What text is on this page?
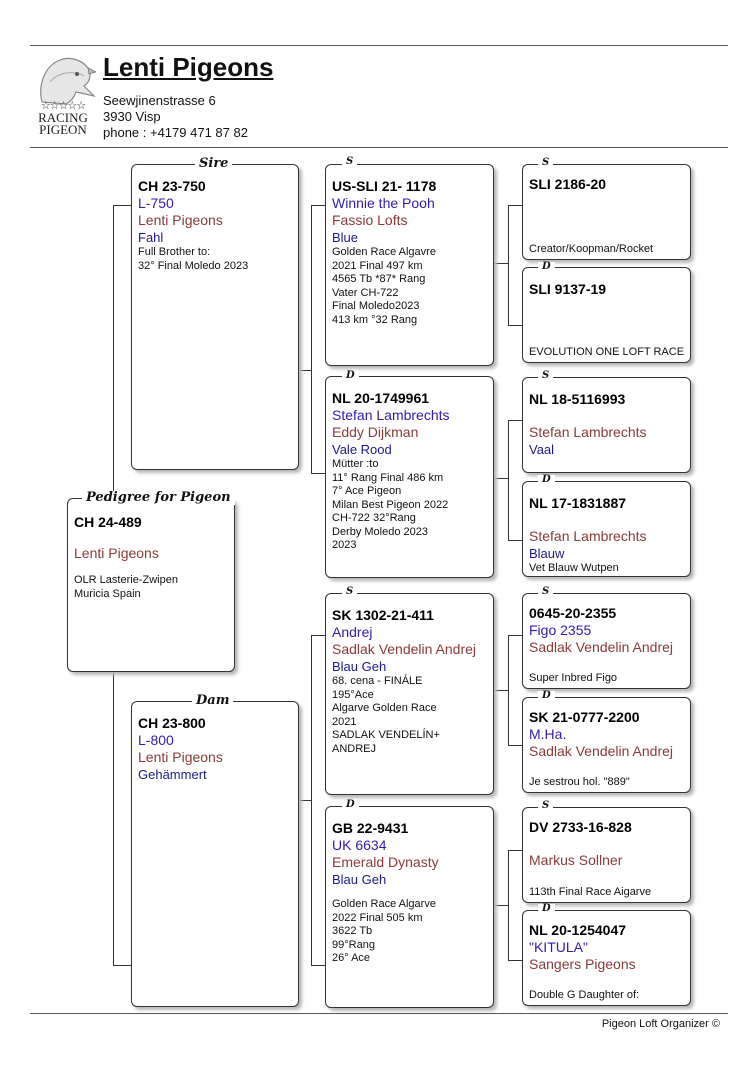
☆☆☆☆☆
RACING
PIGEON
Lenti Pigeons
Seewjinenstrasse 6
3930 Visp
phone : +4179 471 87 82
CH 24-489
Lenti Pigeons
OLR Lasterie-Zwipen
Muricia Spain
Pedigree for Pigeon
CH 23-750
L-750
Lenti Pigeons
Fahl
Full Brother to:
32° Final Moledo 2023
Sire
CH 23-800
L-800
Lenti Pigeons
Gehämmert
Dam
US-SLI 21- 1178
Winnie the Pooh
Fassio Lofts
Blue
Golden Race Algavre
2021 Final 497 km
4565 Tb *87* Rang
Vater CH-722
Final Moledo2023
413 km °32 Rang
S
NL 20-1749961
Stefan Lambrechts
Eddy Dijkman
Vale Rood
Mütter :to
11° Rang Final 486 km
7° Ace Pigeon
Milan Best Pigeon 2022
CH-722 32°Rang
Derby Moledo 2023
2023
D
SK 1302-21-411
Andrej
Sadlak Vendelin Andrej
Blau Geh
68. cena - FINÁLE
195°Ace
Algarve Golden Race
2021
SADLAK VENDELÍN+
ANDREJ
S
GB 22-9431
UK 6634
Emerald Dynasty
Blau Geh
Golden Race Algarve
2022 Final 505 km
3622 Tb
99°Rang
26° Ace
D
SLI 2186-20
Creator/Koopman/Rocket
S
SLI 9137-19
EVOLUTION ONE LOFT RACE
D
NL 18-5116993
Stefan Lambrechts
Vaal
S
NL 17-1831887
Stefan Lambrechts
Blauw
Vet Blauw Wutpen
D
0645-20-2355
Figo 2355
Sadlak Vendelin Andrej
Super Inbred Figo
S
SK 21-0777-2200
M.Ha.
Sadlak Vendelin Andrej
Je sestrou hol. "889"
D
DV 2733-16-828
Markus Sollner
113th Final Race Aigarve
S
NL 20-1254047
"KITULA"
Sangers Pigeons
Double G Daughter of:
D
Pigeon Loft Organizer ©
